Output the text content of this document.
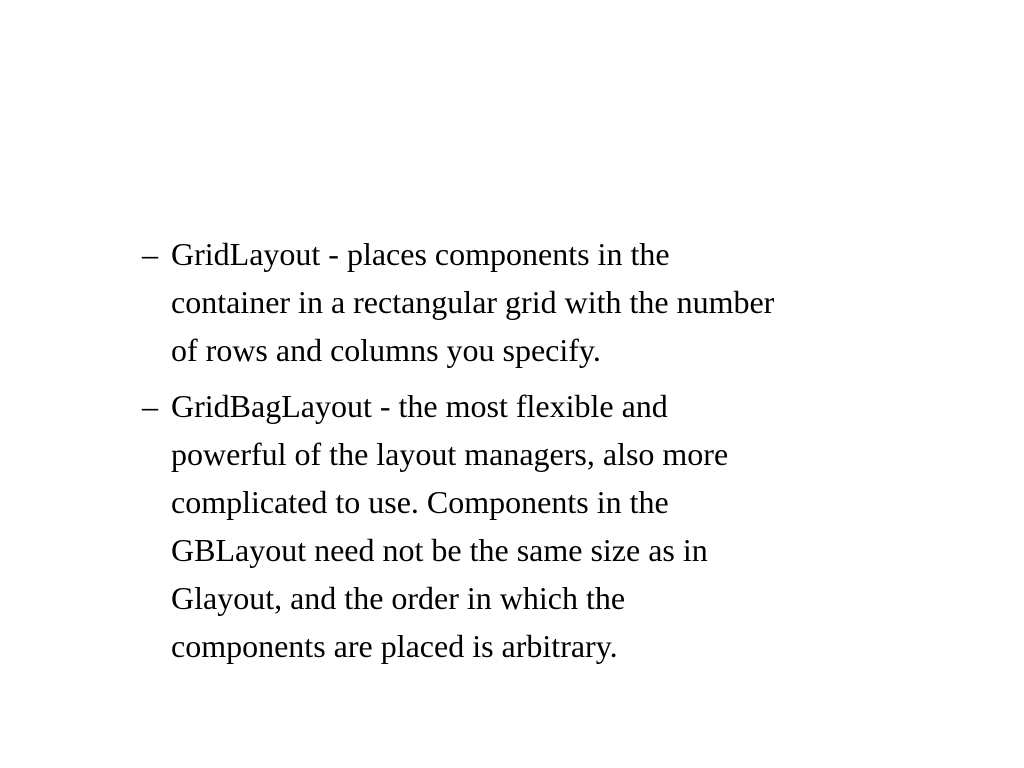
– GridLayout - places components in the
container in a rectangular grid with the number
of rows and columns you specify.
– GridBagLayout - the most flexible and
powerful of the layout managers, also more
complicated to use. Components in the
GBLayout need not be the same size as in
Glayout, and the order in which the
components are placed is arbitrary.
